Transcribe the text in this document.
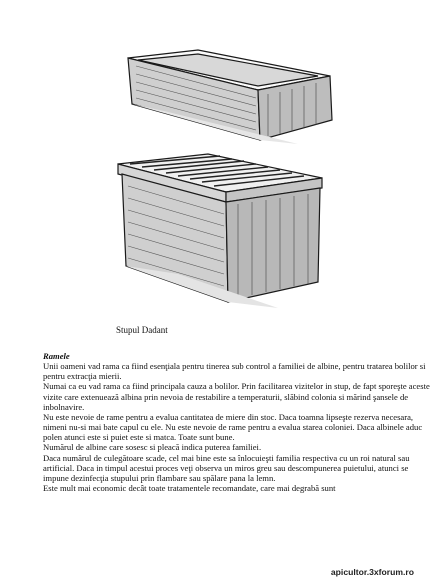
Stupul Dadant
Ramele

Unii oameni vad rama ca fiind esenţiala pentru tinerea sub control a familiei de albine, pentru tratarea bolilor si pentru extracţia mierii.

Numai ca eu vad rama ca fiind principala cauza a bolilor. Prin facilitarea vizitelor in stup, de fapt sporeşte aceste vizite care extenuează albina prin nevoia de restabilire a temperaturii, slăbind colonia si mărind şansele de inbolnavire.

Nu este nevoie de rame pentru a evalua cantitatea de miere din stoc. Daca toamna lipseşte rezerva necesara, nimeni nu-si mai bate capul cu ele. Nu este nevoie de rame pentru a evalua starea coloniei. Daca albinele aduc polen atunci este si puiet este si matca. Toate sunt bune.

Numărul de albine care sosesc si pleacă indica puterea familiei.

Daca numărul de culegătoare scade, cel mai bine este sa înlocuieşti familia respectiva cu un roi natural sau artificial. Daca in timpul acestui proces veţi observa un miros greu sau descompunerea puietului, atunci se impune dezinfecţia stupului prin flambare sau spălare pana la lemn.

Este mult mai economic decât toate tratamentele recomandate, care mai degrabă sunt

apicultor.3xforum.ro
